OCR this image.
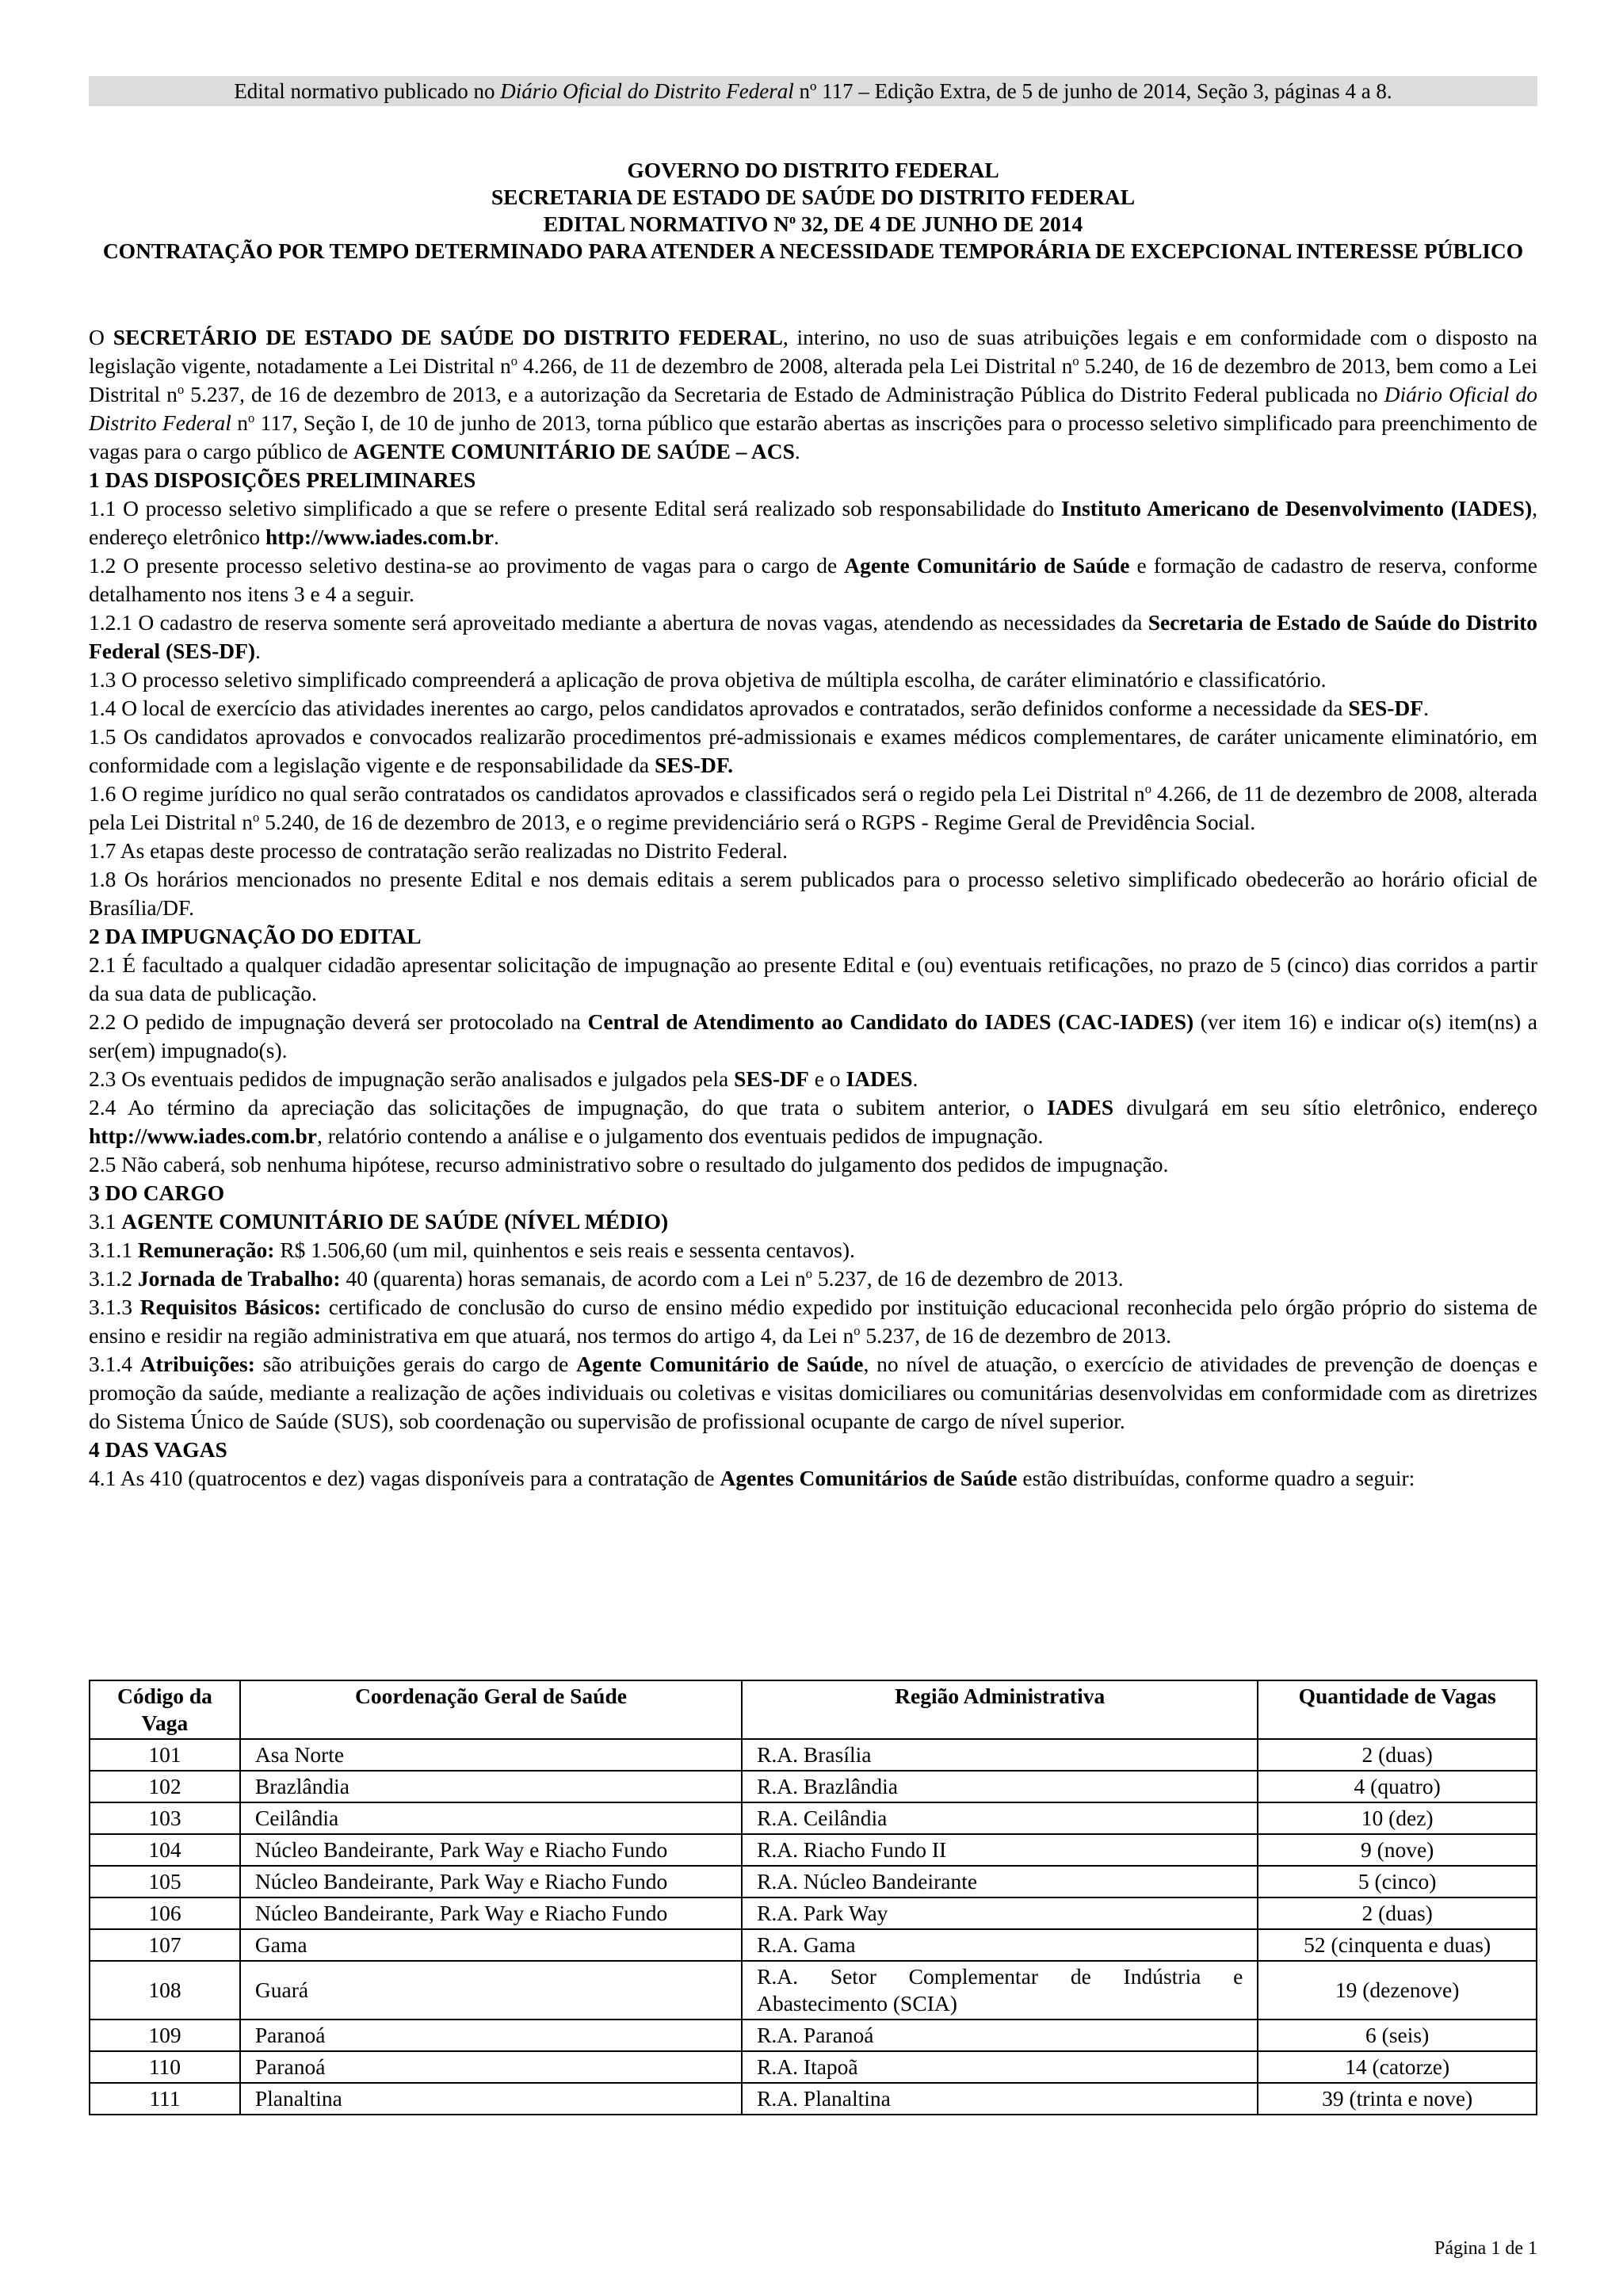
Edital normativo publicado no Diário Oficial do Distrito Federal nº 117 – Edição Extra, de 5 de junho de 2014, Seção 3, páginas 4 a 8.
GOVERNO DO DISTRITO FEDERAL
SECRETARIA DE ESTADO DE SAÚDE DO DISTRITO FEDERAL
EDITAL NORMATIVO $N^o$ 32, DE 4 DE JUNHO DE 2014
CONTRATAÇÃO POR TEMPO DETERMINADO PARA ATENDER A NECESSIDADE TEMPORÁRIA DE EXCEPCIONAL INTERESSE PÚBLICO

O SECRETÁRIO DE ESTADO DE SAÚDE DO DISTRITO FEDERAL, interino, no uso de suas atribuições legais e em conformidade com o disposto na legislação vigente, notadamente a Lei Distrital $n^o$ 4.266, de 11 de dezembro de 2008, alterada pela Lei Distrital $n^o$ 5.240, de 16 de dezembro de 2013, bem como a Lei Distrital $n^o$ 5.237, de 16 de dezembro de 2013, e a autorização da Secretaria de Estado de Administração Pública do Distrito Federal publicada no Diário Oficial do Distrito Federal $n^o$ 117, Seção I, de 10 de junho de 2013, torna público que estarão abertas as inscrições para o processo seletivo simplificado para preenchimento de vagas para o cargo público de AGENTE COMUNITÁRIO DE SAÚDE – ACS.

1 DAS DISPOSIÇÕES PRELIMINARES

1.1 O processo seletivo simplificado a que se refere o presente Edital será realizado sob responsabilidade do Instituto Americano de Desenvolvimento (IADES), endereço eletrônico http://www.iades.com.br.

1.2 O presente processo seletivo destina-se ao provimento de vagas para o cargo de Agente Comunitário de Saúde e formação de cadastro de reserva, conforme detalhamento nos itens 3 e 4 a seguir.

1.2.1 O cadastro de reserva somente será aproveitado mediante a abertura de novas vagas, atendendo as necessidades da Secretaria de Estado de Saúde do Distrito Federal (SES-DF).

1.3 O processo seletivo simplificado compreenderá a aplicação de prova objetiva de múltipla escolha, de caráter eliminatório e classificatório.

1.4 O local de exercício das atividades inerentes ao cargo, pelos candidatos aprovados e contratados, serão definidos conforme a necessidade da SES-DF.

1.5 Os candidatos aprovados e convocados realizarão procedimentos pré-admissionais e exames médicos complementares, de caráter unicamente eliminatório, em conformidade com a legislação vigente e de responsabilidade da SES-DF.

1.6 O regime jurídico no qual serão contratados os candidatos aprovados e classificados será o regido pela Lei Distrital $n^o$ 4.266, de 11 de dezembro de 2008, alterada pela Lei Distrital $n^o$ 5.240, de 16 de dezembro de 2013, e o regime previdenciário será o RGPS - Regime Geral de Previdência Social.

1.7 As etapas deste processo de contratação serão realizadas no Distrito Federal.

1.8 Os horários mencionados no presente Edital e nos demais editais a serem publicados para o processo seletivo simplificado obedecerão ao horário oficial de Brasília/DF.

2 DA IMPUGNAÇÃO DO EDITAL

2.1 É facultado a qualquer cidadão apresentar solicitação de impugnação ao presente Edital e (ou) eventuais retificações, no prazo de 5 (cinco) dias corridos a partir da sua data de publicação.

2.2 O pedido de impugnação deverá ser protocolado na Central de Atendimento ao Candidato do IADES (CAC-IADES) (ver item 16) e indicar o(s) item(ns) a ser(em) impugnado(s).

2.3 Os eventuais pedidos de impugnação serão analisados e julgados pela SES-DF e o IADES.

2.4 Ao término da apreciação das solicitações de impugnação, do que trata o subitem anterior, o IADES divulgará em seu sítio eletrônico, endereço http://www.iades.com.br, relatório contendo a análise e o julgamento dos eventuais pedidos de impugnação.

2.5 Não caberá, sob nenhuma hipótese, recurso administrativo sobre o resultado do julgamento dos pedidos de impugnação.

3 DO CARGO

3.1 AGENTE COMUNITÁRIO DE SAÚDE (NÍVEL MÉDIO)

3.1.1 Remuneração: R$ 1.506,60 (um mil, quinhentos e seis reais e sessenta centavos).

3.1.2 Jornada de Trabalho: 40 (quarenta) horas semanais, de acordo com a Lei $n^o$ 5.237, de 16 de dezembro de 2013.

3.1.3 Requisitos Básicos: certificado de conclusão do curso de ensino médio expedido por instituição educacional reconhecida pelo órgão próprio do sistema de ensino e residir na região administrativa em que atuará, nos termos do artigo 4, da Lei $n^o$ 5.237, de 16 de dezembro de 2013.

3.1.4 Atribuições: são atribuições gerais do cargo de Agente Comunitário de Saúde, no nível de atuação, o exercício de atividades de prevenção de doenças e promoção da saúde, mediante a realização de ações individuais ou coletivas e visitas domiciliares ou comunitárias desenvolvidas em conformidade com as diretrizes do Sistema Único de Saúde (SUS), sob coordenação ou supervisão de profissional ocupante de cargo de nível superior.

4 DAS VAGAS

4.1 As 410 (quatrocentos e dez) vagas disponíveis para a contratação de Agentes Comunitários de Saúde estão distribuídas, conforme quadro a seguir:

Código da Vaga	Coordenação Geral de Saúde	Região Administrativa	Quantidade de Vagas
101	Asa Norte	R.A. Brasília	2 (duas)
102	Brazlândia	R.A. Brazlândia	4 (quatro)
103	Ceilândia	R.A. Ceilândia	10 (dez)
104	Núcleo Bandeirante, Park Way e Riacho Fundo	R.A. Riacho Fundo II	9 (nove)
105	Núcleo Bandeirante, Park Way e Riacho Fundo	R.A. Núcleo Bandeirante	5 (cinco)
106	Núcleo Bandeirante, Park Way e Riacho Fundo	R.A. Park Way	2 (duas)
107	Gama	R.A. Gama	52 (cinquenta e duas)
108	Guará	R.A. Setor Complementar de Indústria e Abastecimento (SCIA)	19 (dezenove)
109	Paranoá	R.A. Paranoá	6 (seis)
110	Paranoá	R.A. Itapoã	14 (catorze)
111	Planaltina	R.A. Planaltina	39 (trinta e nove)
Página 1 de 1
